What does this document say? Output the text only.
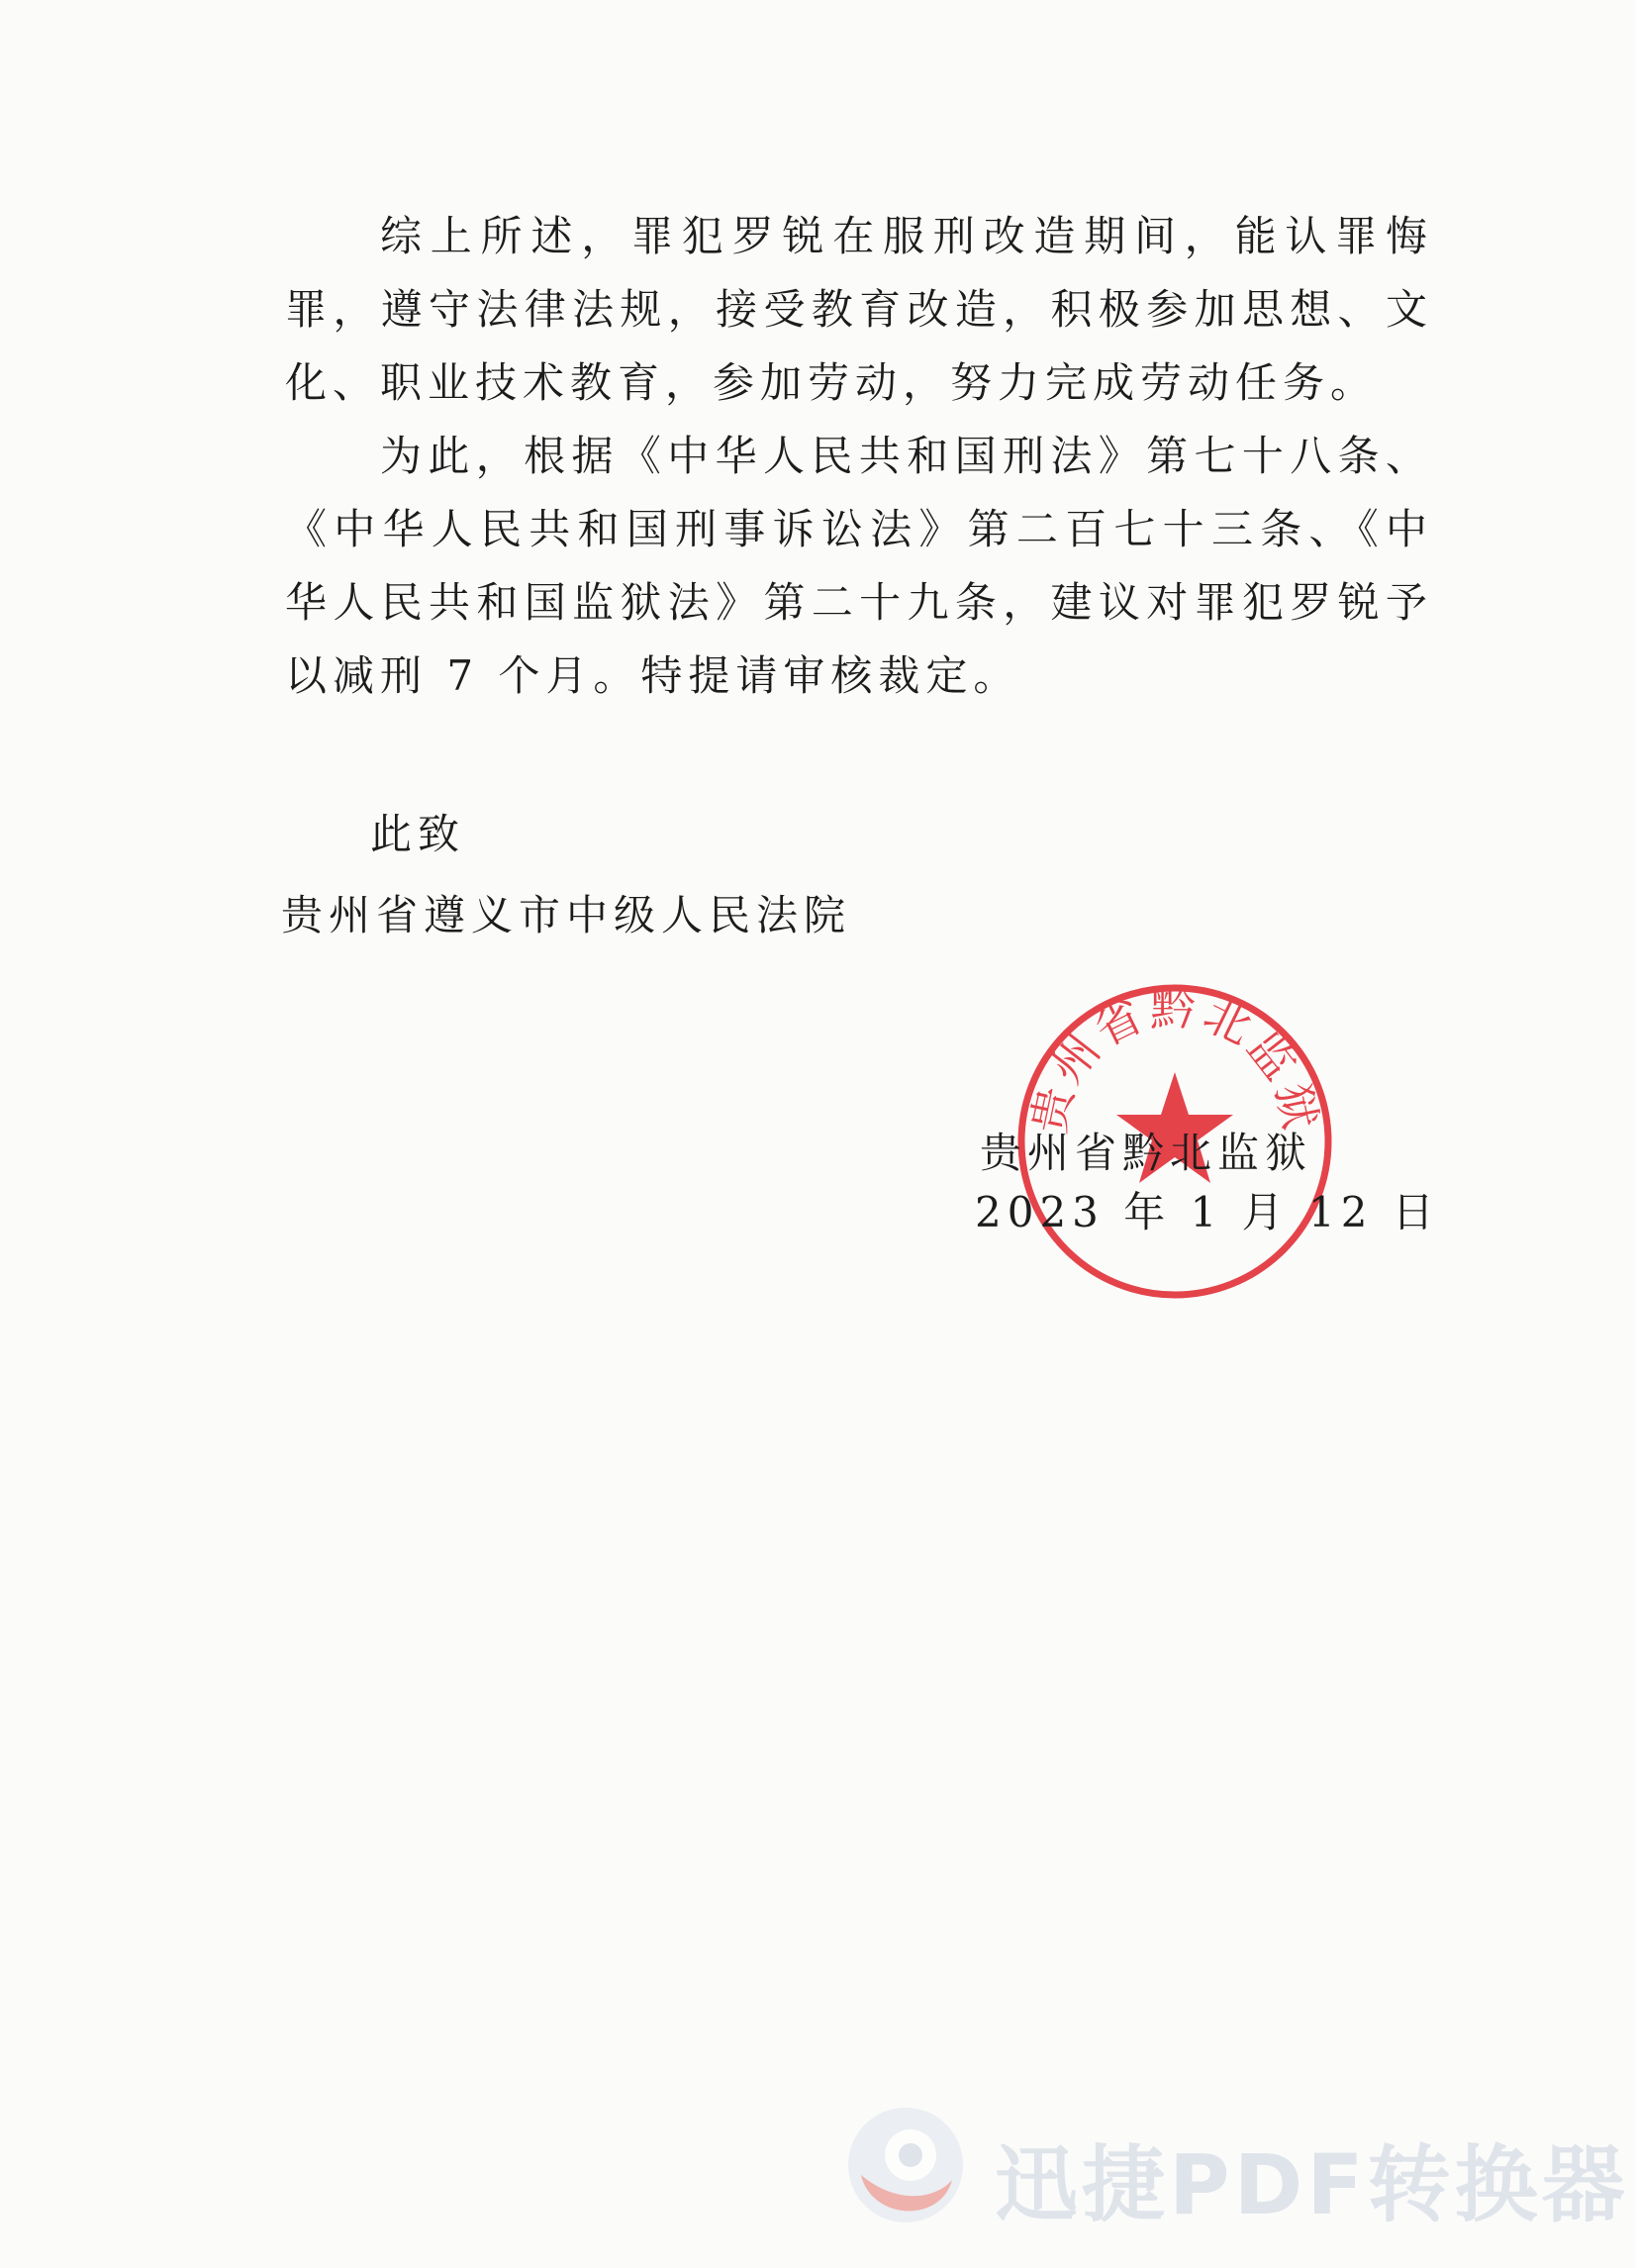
综上所述，罪犯罗锐在服刑改造期间，能认罪悔罪，遵守法律法规，接受教育改造，积极参加思想、文化、职业技术教育，参加劳动，努力完成劳动任务。

为此，根据《中华人民共和国刑法》第七十八条、《中华人民共和国刑事诉讼法》第二百七十三条、《中华人民共和国监狱法》第二十九条，建议对罪犯罗锐予以减刑 7 个月。特提请审核裁定。

此致
贵州省遵义市中级人民法院
贵州省黔北监狱
贵州省黔北监狱
2023 年 1 月 12 日
迅捷PDF转换器
